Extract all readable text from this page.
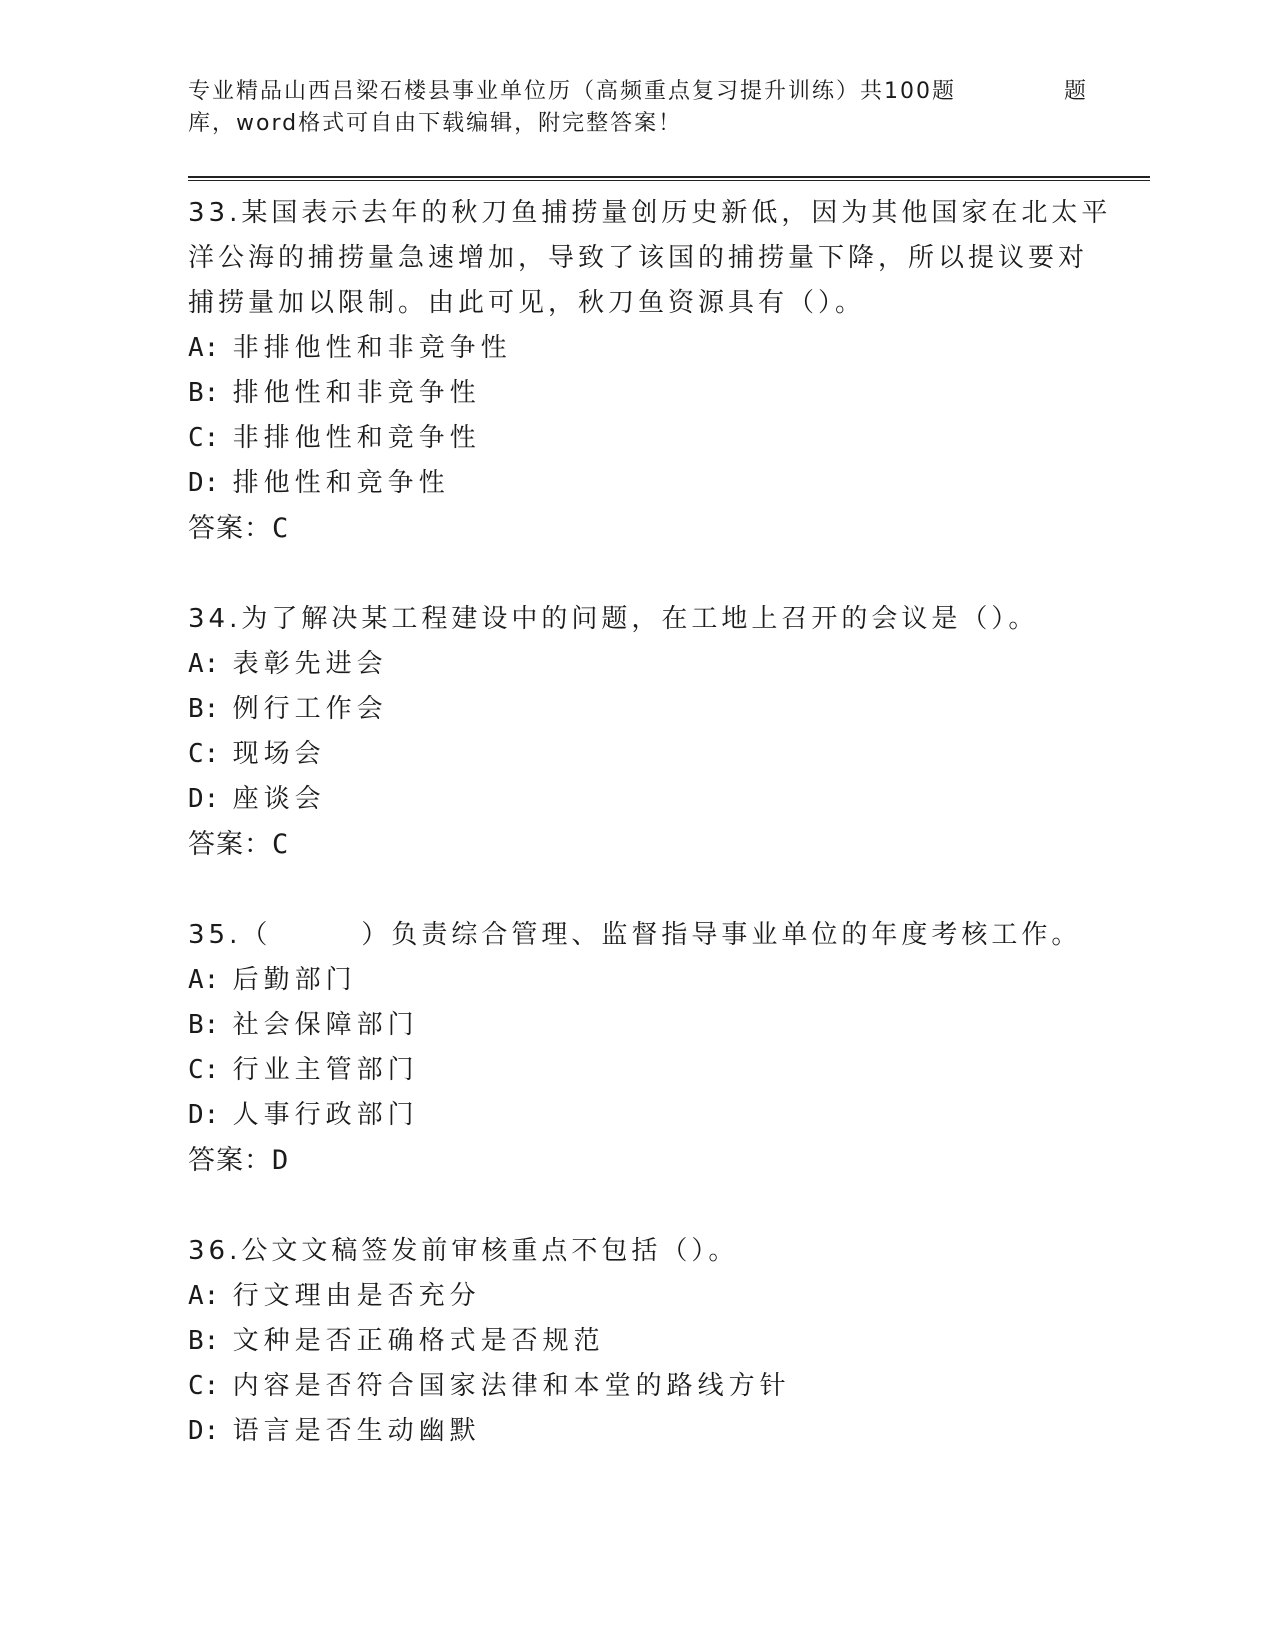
专业精品山西吕梁石楼县事业单位历（高频重点复习提升训练）共100题	题
库，word格式可自由下载编辑，附完整答案！
33.某国表示去年的秋刀鱼捕捞量创历史新低，因为其他国家在北太平
洋公海的捕捞量急速增加，导致了该国的捕捞量下降，所以提议要对
捕捞量加以限制。由此可见，秋刀鱼资源具有（）。
A: 非排他性和非竞争性
B: 排他性和非竞争性
C: 非排他性和竞争性
D: 排他性和竞争性
答案：C
34.为了解决某工程建设中的问题，在工地上召开的会议是（）。
A: 表彰先进会
B: 例行工作会
C: 现场会
D: 座谈会
答案：C
35.（　　　）负责综合管理、监督指导事业单位的年度考核工作。
A: 后勤部门
B: 社会保障部门
C: 行业主管部门
D: 人事行政部门
答案：D
36.公文文稿签发前审核重点不包括（）。
A: 行文理由是否充分
B: 文种是否正确格式是否规范
C: 内容是否符合国家法律和本堂的路线方针
D: 语言是否生动幽默
